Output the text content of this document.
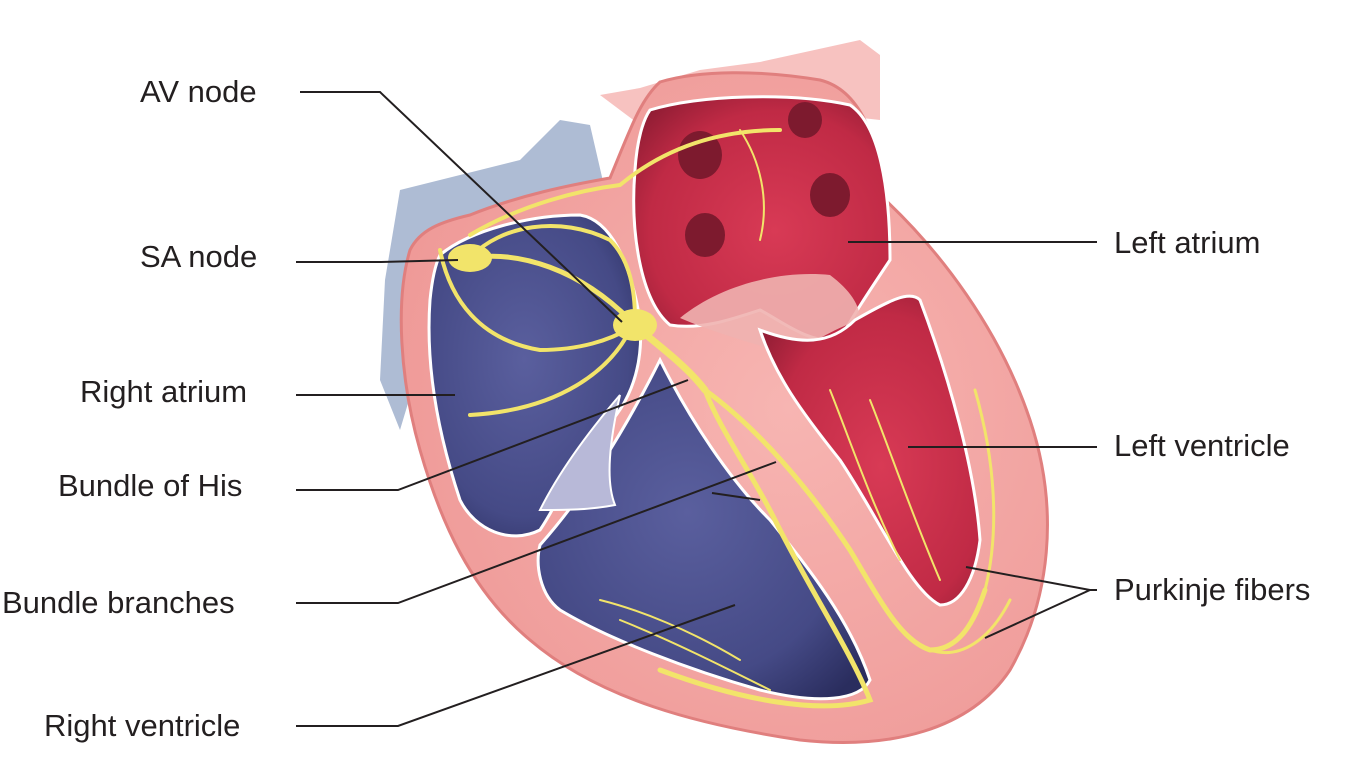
AV node
SA node
Right atrium
Bundle of His
Bundle branches
Right ventricle
Left atrium
Left ventricle
Purkinje fibers
